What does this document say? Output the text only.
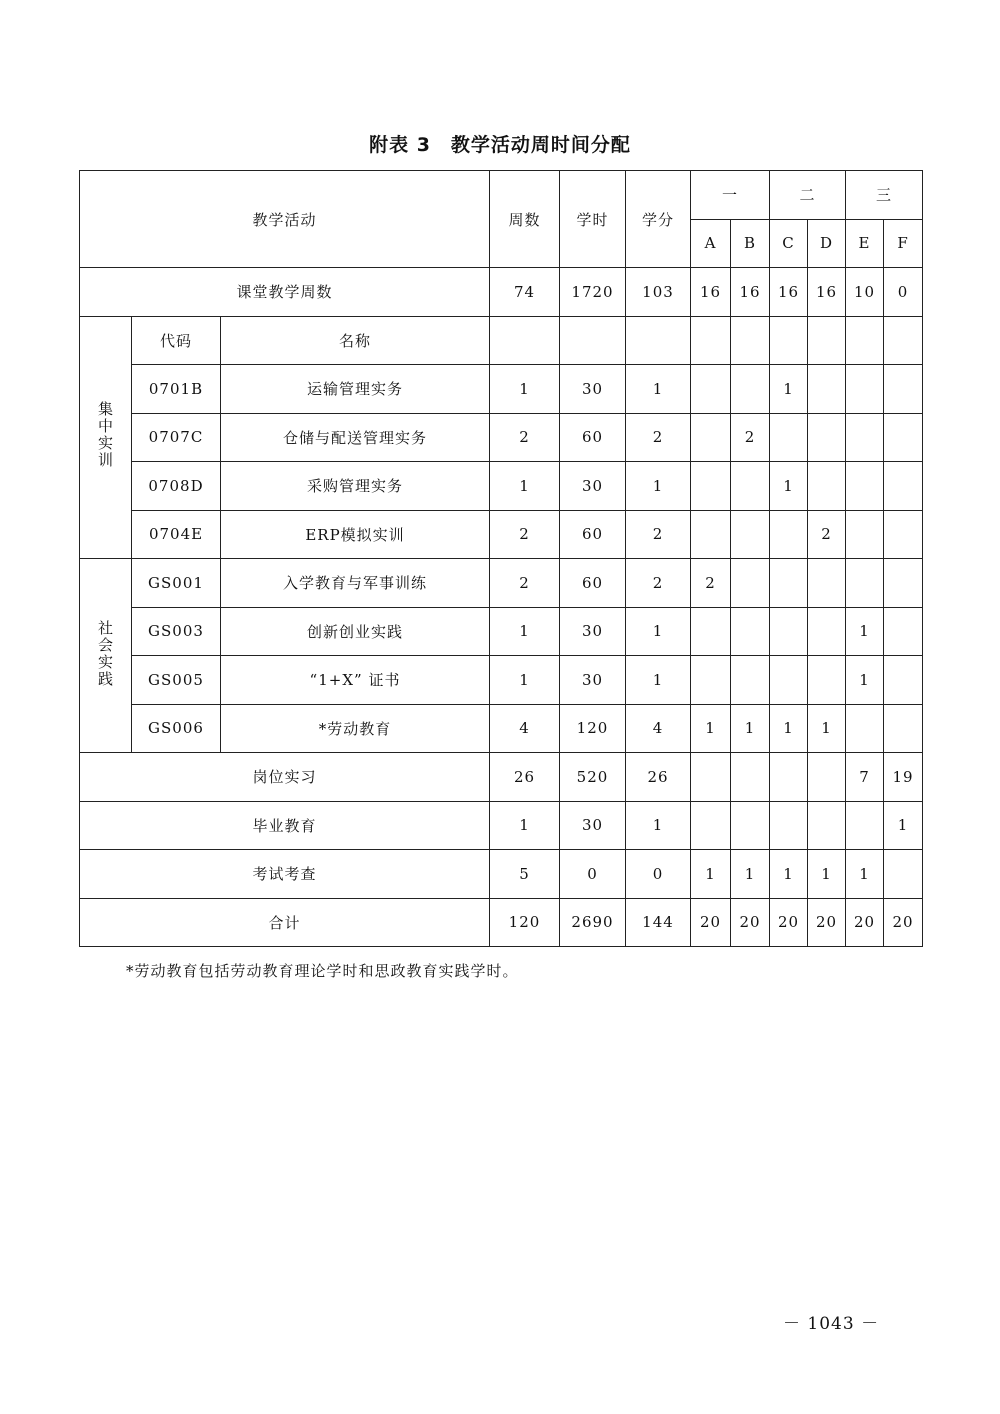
附表 3　教学活动周时间分配
教学活动			周数	学时	学分	一		二		三	
						A	B	C	D	E	F
课堂教学周数			74	1720	103	16	16	16	16	10	0
集中实训	代码	名称									
	0701B	运输管理实务	1	30	1			1			
	0707C	仓储与配送管理实务	2	60	2		2				
	0708D	采购管理实务	1	30	1			1			
	0704E	ERP模拟实训	2	60	2				2		
社会实践	GS001	入学教育与军事训练	2	60	2	2					
	GS003	创新创业实践	1	30	1					1	
	GS005	“1+X” 证书	1	30	1					1	
	GS006	*劳动教育	4	120	4	1	1	1	1		
岗位实习			26	520	26					7	19
毕业教育			1	30	1						1
考试考查			5	0	0	1	1	1	1	1	
合计			120	2690	144	20	20	20	20	20	20
*劳动教育包括劳动教育理论学时和思政教育实践学时。
－ 1043 －
